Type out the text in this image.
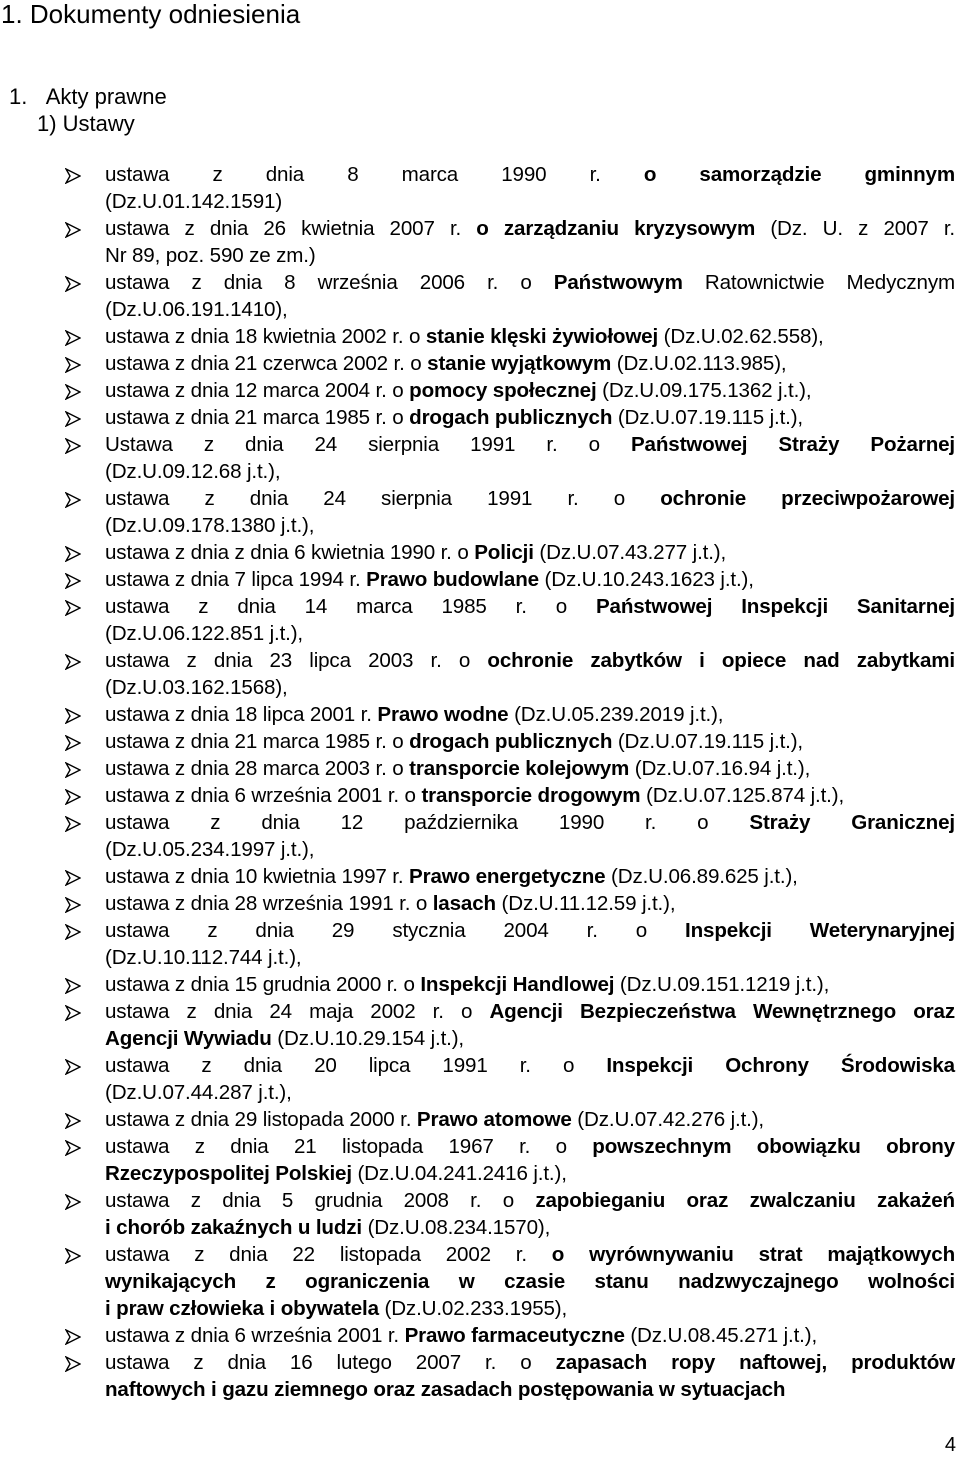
1. Dokumenty odniesienia
1. Akty prawne
1) Ustawy
ustawa z dnia 8 marca 1990 r. o samorządzie gminnym
(Dz.U.01.142.1591)
ustawa z dnia 26 kwietnia 2007 r. o zarządzaniu kryzysowym (Dz. U. z 2007 r.
Nr 89, poz. 590 ze zm.)
ustawa z dnia 8 września 2006 r. o Państwowym Ratownictwie Medycznym
(Dz.U.06.191.1410),
ustawa z dnia 18 kwietnia 2002 r. o stanie klęski żywiołowej (Dz.U.02.62.558),
ustawa z dnia 21 czerwca 2002 r. o stanie wyjątkowym (Dz.U.02.113.985),
ustawa z dnia 12 marca 2004 r. o pomocy społecznej (Dz.U.09.175.1362 j.t.),
ustawa z dnia 21 marca 1985 r. o drogach publicznych (Dz.U.07.19.115 j.t.),
Ustawa z dnia 24 sierpnia 1991 r. o Państwowej Straży Pożarnej
(Dz.U.09.12.68 j.t.),
ustawa z dnia 24 sierpnia 1991 r. o ochronie przeciwpożarowej
(Dz.U.09.178.1380 j.t.),
ustawa z dnia z dnia 6 kwietnia 1990 r. o Policji (Dz.U.07.43.277 j.t.),
ustawa z dnia 7 lipca 1994 r. Prawo budowlane (Dz.U.10.243.1623 j.t.),
ustawa z dnia 14 marca 1985 r. o Państwowej Inspekcji Sanitarnej
(Dz.U.06.122.851 j.t.),
ustawa z dnia 23 lipca 2003 r. o ochronie zabytków i opiece nad zabytkami
(Dz.U.03.162.1568),
ustawa z dnia 18 lipca 2001 r. Prawo wodne (Dz.U.05.239.2019 j.t.),
ustawa z dnia 21 marca 1985 r. o drogach publicznych (Dz.U.07.19.115 j.t.),
ustawa z dnia 28 marca 2003 r. o transporcie kolejowym (Dz.U.07.16.94 j.t.),
ustawa z dnia 6 września 2001 r. o transporcie drogowym (Dz.U.07.125.874 j.t.),
ustawa z dnia 12 października 1990 r. o Straży Granicznej
(Dz.U.05.234.1997 j.t.),
ustawa z dnia 10 kwietnia 1997 r. Prawo energetyczne (Dz.U.06.89.625 j.t.),
ustawa z dnia 28 września 1991 r. o lasach (Dz.U.11.12.59 j.t.),
ustawa z dnia 29 stycznia 2004 r. o Inspekcji Weterynaryjnej
(Dz.U.10.112.744 j.t.),
ustawa z dnia 15 grudnia 2000 r. o Inspekcji Handlowej (Dz.U.09.151.1219 j.t.),
ustawa z dnia 24 maja 2002 r. o Agencji Bezpieczeństwa Wewnętrznego oraz
Agencji Wywiadu (Dz.U.10.29.154 j.t.),
ustawa z dnia 20 lipca 1991 r. o Inspekcji Ochrony Środowiska
(Dz.U.07.44.287 j.t.),
ustawa z dnia 29 listopada 2000 r. Prawo atomowe (Dz.U.07.42.276 j.t.),
ustawa z dnia 21 listopada 1967 r. o powszechnym obowiązku obrony
Rzeczypospolitej Polskiej (Dz.U.04.241.2416 j.t.),
ustawa z dnia 5 grudnia 2008 r. o zapobieganiu oraz zwalczaniu zakażeń
i chorób zakaźnych u ludzi (Dz.U.08.234.1570),
ustawa z dnia 22 listopada 2002 r. o wyrównywaniu strat majątkowych
wynikających z ograniczenia w czasie stanu nadzwyczajnego wolności
i praw człowieka i obywatela (Dz.U.02.233.1955),
ustawa z dnia 6 września 2001 r. Prawo farmaceutyczne (Dz.U.08.45.271 j.t.),
ustawa z dnia 16 lutego 2007 r. o zapasach ropy naftowej, produktów
naftowych i gazu ziemnego oraz zasadach postępowania w sytuacjach
4
